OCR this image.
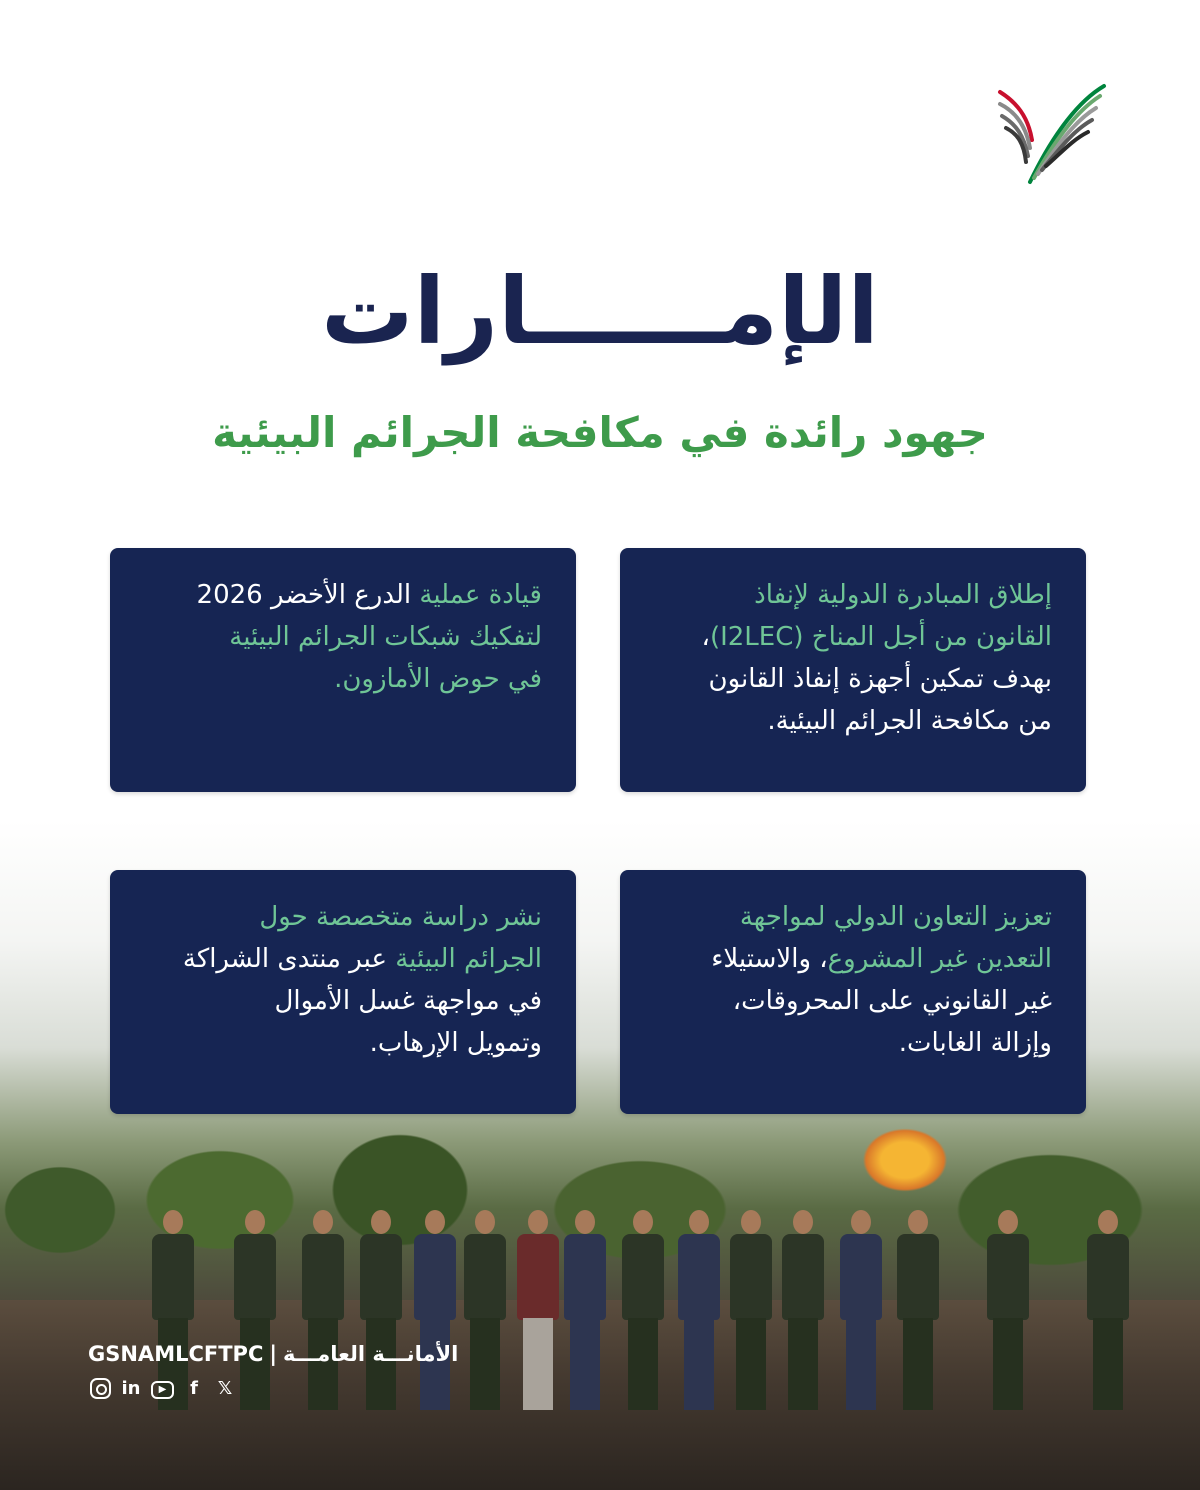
الإمــــــارات
جهود رائدة في مكافحة الجرائم البيئية
إطلاق المبادرة الدولية لإنفاذ
القانون من أجل المناخ (I2LEC)،
بهدف تمكين أجهزة إنفاذ القانون
من مكافحة الجرائم البيئية.
قيادة عملية الدرع الأخضر 2026
لتفكيك شبكات الجرائم البيئية
في حوض الأمازون.
تعزيز التعاون الدولي لمواجهة
التعدين غير المشروع، والاستيلاء
غير القانوني على المحروقات،
وإزالة الغابات.
نشر دراسة متخصصة حول
الجرائم البيئية عبر منتدى الشراكة
في مواجهة غسل الأموال
وتمويل الإرهاب.
GSNAMLCFTPC | الأمانـــة العامـــة
in	▶	f	𝕏
